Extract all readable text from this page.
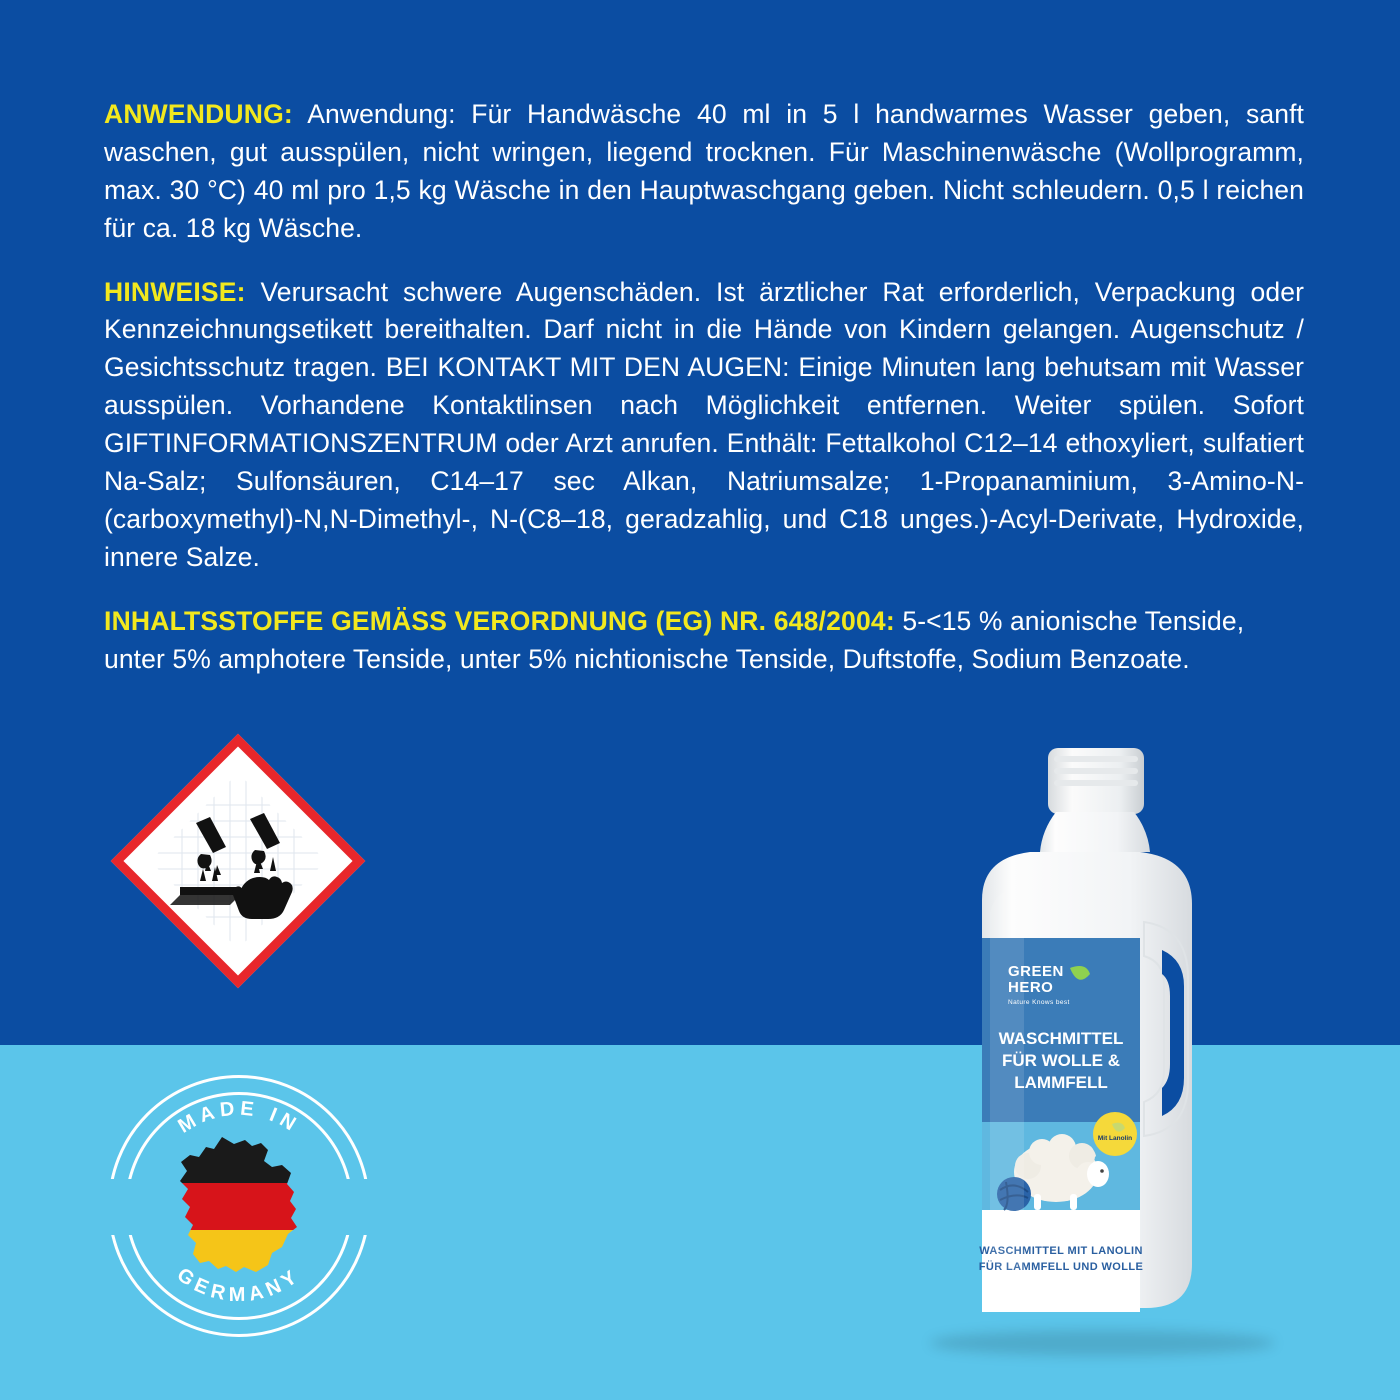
ANWENDUNG: Anwendung: Für Handwäsche 40 ml in 5 l handwarmes Wasser geben, sanft waschen, gut ausspülen, nicht wringen, liegend trocknen. Für Maschinenwäsche (Wollprogramm, max. 30 °C) 40 ml pro 1,5 kg Wäsche in den Hauptwaschgang geben. Nicht schleudern. 0,5 l reichen für ca. 18 kg Wäsche.

HINWEISE: Verursacht schwere Augenschäden. Ist ärztlicher Rat erforderlich, Verpackung oder Kennzeichnungsetikett bereithalten. Darf nicht in die Hände von Kindern gelangen. Augenschutz / Gesichtsschutz tragen. BEI KONTAKT MIT DEN AUGEN: Einige Minuten lang behutsam mit Wasser ausspülen. Vorhandene Kontaktlinsen nach Möglichkeit entfernen. Weiter spülen. Sofort GIFTINFORMATIONSZENTRUM oder Arzt anrufen. Enthält: Fettalkohol C12–14 ethoxyliert, sulfatiert Na-Salz; Sulfonsäuren, C14–17 sec Alkan, Natriumsalze; 1-Propanaminium, 3-Amino-N-(carboxymethyl)-N,N-Dimethyl-, N-(C8–18, geradzahlig, und C18 unges.)-Acyl-Derivate, Hydroxide, innere Salze.

INHALTSSTOFFE GEMÄSS VERORDNUNG (EG) NR. 648/2004: 5-<15 % anionische Tenside, unter 5% amphotere Tenside, unter 5% nichtionische Tenside, Duftstoffe, Sodium Benzoate.

MADE IN
GERMANY
GREEN
HERO
Nature Knows best
WASCHMITTEL
FÜR WOLLE &
LAMMFELL
Mit Lanolin
WASCHMITTEL MIT LANOLIN
FÜR LAMMFELL UND WOLLE
